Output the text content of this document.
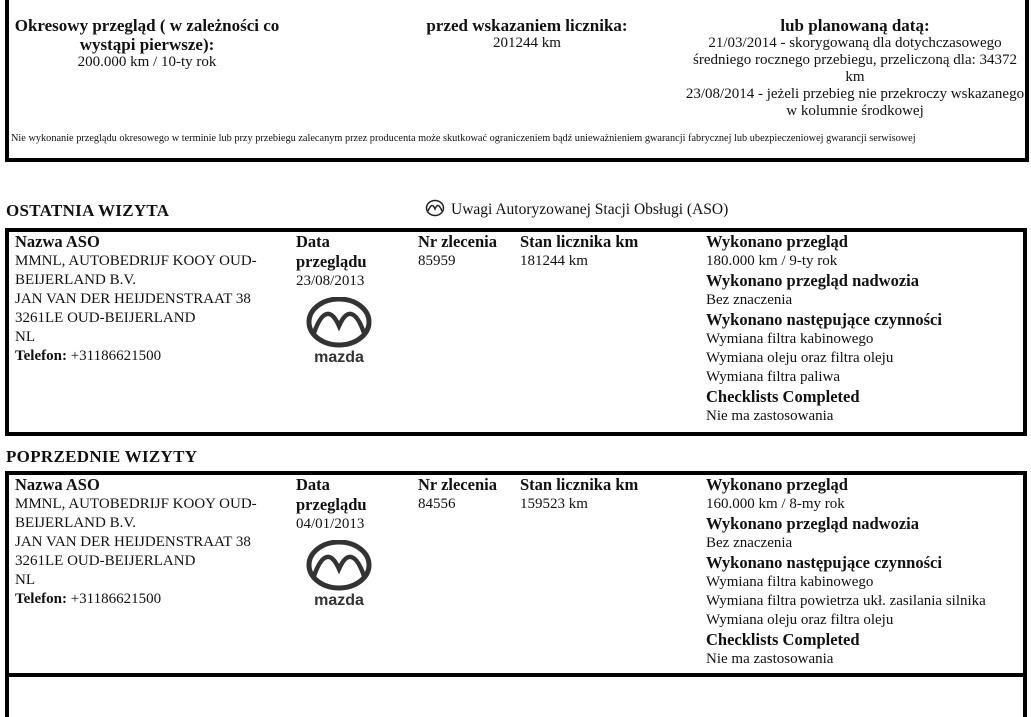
Okresowy przegląd ( w zależności co wystąpi pierwsze):
200.000 km / 10-ty rok
przed wskazaniem licznika:
201244 km
lub planowaną datą:
21/03/2014 - skorygowaną dla dotychczasowego średniego rocznego przebiegu, przeliczoną dla: 34372 km
23/08/2014 - jeżeli przebieg nie przekroczy wskazanego w kolumnie środkowej
Nie wykonanie przeglądu okresowego w terminie lub przy przebiegu zalecanym przez producenta może skutkować ograniczeniem bądź unieważnieniem gwarancji fabrycznej lub ubezpieczeniowej gwarancji serwisowej
OSTATNIA WIZYTA	Uwagi Autoryzowanej Stacji Obsługi (ASO)
Nazwa ASO
MMNL, AUTOBEDRIJF KOOY OUD-BEIJERLAND B.V.
JAN VAN DER HEIJDENSTRAAT 38
3261LE OUD-BEIJERLAND
NL
Telefon: +31186621500
Data przeglądu
23/08/2013
mazda
Nr zlecenia
85959
Stan licznika km
181244 km
Wykonano przegląd
180.000 km / 9-ty rok
Wykonano przegląd nadwozia
Bez znaczenia
Wykonano następujące czynności
Wymiana filtra kabinowego
Wymiana oleju oraz filtra oleju
Wymiana filtra paliwa
Checklists Completed
Nie ma zastosowania
POPRZEDNIE WIZYTY
Nazwa ASO
MMNL, AUTOBEDRIJF KOOY OUD-BEIJERLAND B.V.
JAN VAN DER HEIJDENSTRAAT 38
3261LE OUD-BEIJERLAND
NL
Telefon: +31186621500
Data przeglądu
04/01/2013
mazda
Nr zlecenia
84556
Stan licznika km
159523 km
Wykonano przegląd
160.000 km / 8-my rok
Wykonano przegląd nadwozia
Bez znaczenia
Wykonano następujące czynności
Wymiana filtra kabinowego
Wymiana filtra powietrza ukł. zasilania silnika
Wymiana oleju oraz filtra oleju
Checklists Completed
Nie ma zastosowania
